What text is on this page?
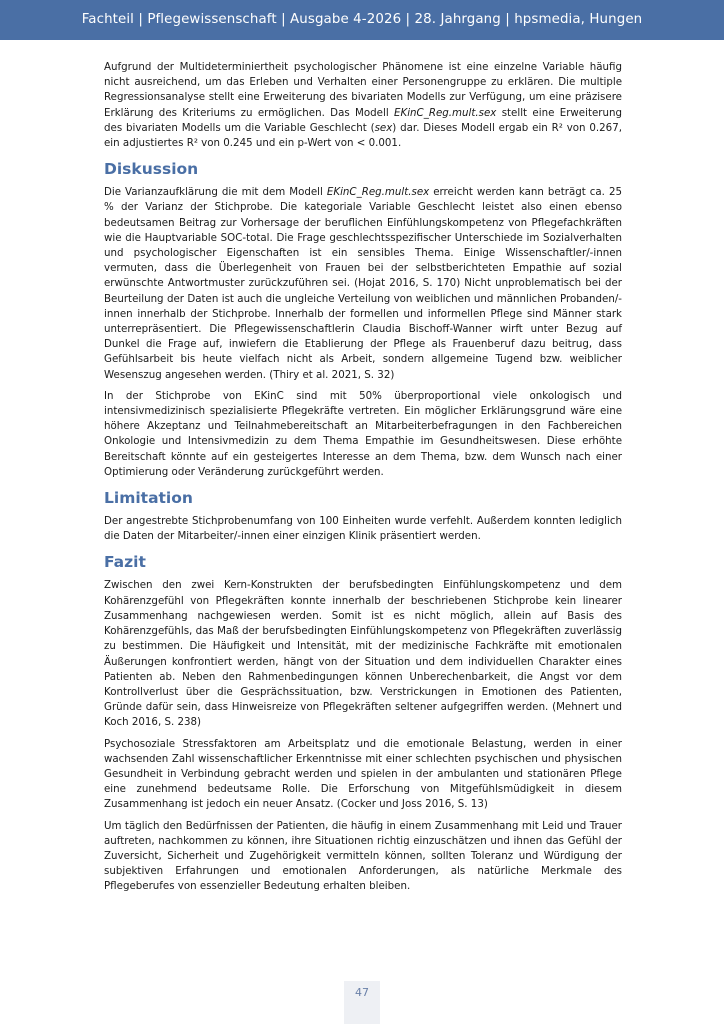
Fachteil | Pflegewissenschaft | Ausgabe 4-2026 | 28. Jahrgang | hpsmedia, Hungen

Aufgrund der Multideterminiertheit psychologischer Phänomene ist eine einzelne Variable häufig nicht ausreichend, um das Erleben und Verhalten einer Personengruppe zu erklären. Die multiple Regressionsanalyse stellt eine Erweiterung des bivariaten Modells zur Verfügung, um eine präzisere Erklärung des Kriteriums zu ermöglichen. Das Modell EKinC_Reg.mult.sex stellt eine Erweiterung des bivariaten Modells um die Variable Geschlecht (sex) dar. Dieses Modell ergab ein R² von 0.267, ein adjustiertes R² von 0.245 und ein p-Wert von < 0.001.

Diskussion

Die Varianzaufklärung die mit dem Modell EKinC_Reg.mult.sex erreicht werden kann beträgt ca. 25 % der Varianz der Stichprobe. Die kategoriale Variable Geschlecht leistet also einen ebenso bedeutsamen Beitrag zur Vorhersage der beruflichen Einfühlungskompetenz von Pflegefachkräften wie die Hauptvariable SOC-total. Die Frage geschlechtsspezifischer Unterschiede im Sozialverhalten und psychologischer Eigenschaften ist ein sensibles Thema. Einige Wissenschaftler/-innen vermuten, dass die Überlegenheit von Frauen bei der selbstberichteten Empathie auf sozial erwünschte Antwortmuster zurückzuführen sei. (Hojat 2016, S. 170) Nicht unproblematisch bei der Beurteilung der Daten ist auch die ungleiche Verteilung von weiblichen und männlichen Probanden/-innen innerhalb der Stichprobe. Innerhalb der formellen und informellen Pflege sind Männer stark unterrepräsentiert. Die Pflegewissenschaftlerin Claudia Bischoff-Wanner wirft unter Bezug auf Dunkel die Frage auf, inwiefern die Etablierung der Pflege als Frauenberuf dazu beitrug, dass Gefühlsarbeit bis heute vielfach nicht als Arbeit, sondern allgemeine Tugend bzw. weiblicher Wesenszug angesehen werden. (Thiry et al. 2021, S. 32)

In der Stichprobe von EKinC sind mit 50% überproportional viele onkologisch und intensivmedizinisch spezialisierte Pflegekräfte vertreten. Ein möglicher Erklärungsgrund wäre eine höhere Akzeptanz und Teilnahmebereitschaft an Mitarbeiterbefragungen in den Fachbereichen Onkologie und Intensivmedizin zu dem Thema Empathie im Gesundheitswesen. Diese erhöhte Bereitschaft könnte auf ein gesteigertes Interesse an dem Thema, bzw. dem Wunsch nach einer Optimierung oder Veränderung zurückgeführt werden.

Limitation

Der angestrebte Stichprobenumfang von 100 Einheiten wurde verfehlt. Außerdem konnten lediglich die Daten der Mitarbeiter/-innen einer einzigen Klinik präsentiert werden.

Fazit

Zwischen den zwei Kern-Konstrukten der berufsbedingten Einfühlungskompetenz und dem Kohärenzgefühl von Pflegekräften konnte innerhalb der beschriebenen Stichprobe kein linearer Zusammenhang nachgewiesen werden. Somit ist es nicht möglich, allein auf Basis des Kohärenzgefühls, das Maß der berufsbedingten Einfühlungskompetenz von Pflegekräften zuverlässig zu bestimmen. Die Häufigkeit und Intensität, mit der medizinische Fachkräfte mit emotionalen Äußerungen konfrontiert werden, hängt von der Situation und dem individuellen Charakter eines Patienten ab. Neben den Rahmenbedingungen können Unberechenbarkeit, die Angst vor dem Kontrollverlust über die Gesprächssituation, bzw. Verstrickungen in Emotionen des Patienten, Gründe dafür sein, dass Hinweisreize von Pflegekräften seltener aufgegriffen werden. (Mehnert und Koch 2016, S. 238)

Psychosoziale Stressfaktoren am Arbeitsplatz und die emotionale Belastung, werden in einer wachsenden Zahl wissenschaftlicher Erkenntnisse mit einer schlechten psychischen und physischen Gesundheit in Verbindung gebracht werden und spielen in der ambulanten und stationären Pflege eine zunehmend bedeutsame Rolle. Die Erforschung von Mitgefühlsmüdigkeit in diesem Zusammenhang ist jedoch ein neuer Ansatz. (Cocker und Joss 2016, S. 13)

Um täglich den Bedürfnissen der Patienten, die häufig in einem Zusammenhang mit Leid und Trauer auftreten, nachkommen zu können, ihre Situationen richtig einzuschätzen und ihnen das Gefühl der Zuversicht, Sicherheit und Zugehörigkeit vermitteln können, sollten Toleranz und Würdigung der subjektiven Erfahrungen und emotionalen Anforderungen, als natürliche Merkmale des Pflegeberufes von essenzieller Bedeutung erhalten bleiben.

47
